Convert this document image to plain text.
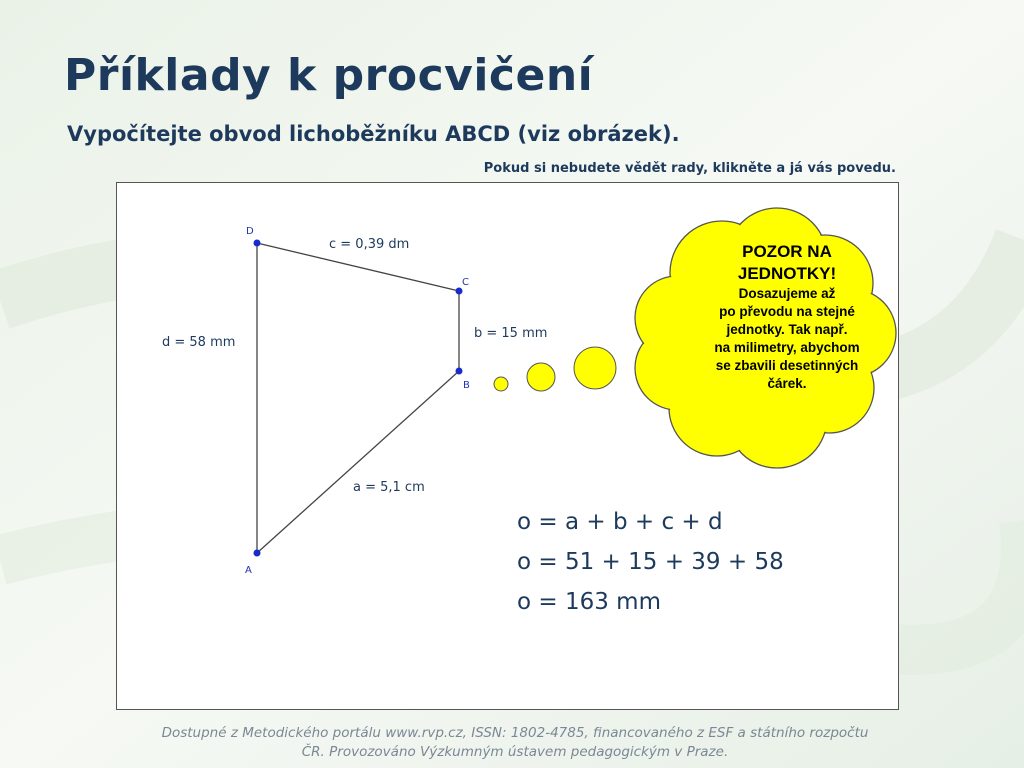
Příklady k procvičení
Vypočítejte obvod lichoběžníku ABCD (viz obrázek).
Pokud si nebudete vědět rady, klikněte a já vás povedu.
D
C
B
A
c = 0,39 dm
d = 58 mm
b = 15 mm
a = 5,1 cm
POZOR NA
JEDNOTKY!
Dosazujeme až
po převodu na stejné
jednotky. Tak např.
na milimetry, abychom
se zbavili desetinných
čárek.

o = a + b + c + d

o = 51 + 15 + 39 + 58

o = 163 mm

Dostupné z Metodického portálu www.rvp.cz, ISSN: 1802-4785, financovaného z ESF a státního rozpočtu
ČR. Provozováno Výzkumným ústavem pedagogickým v Praze.
